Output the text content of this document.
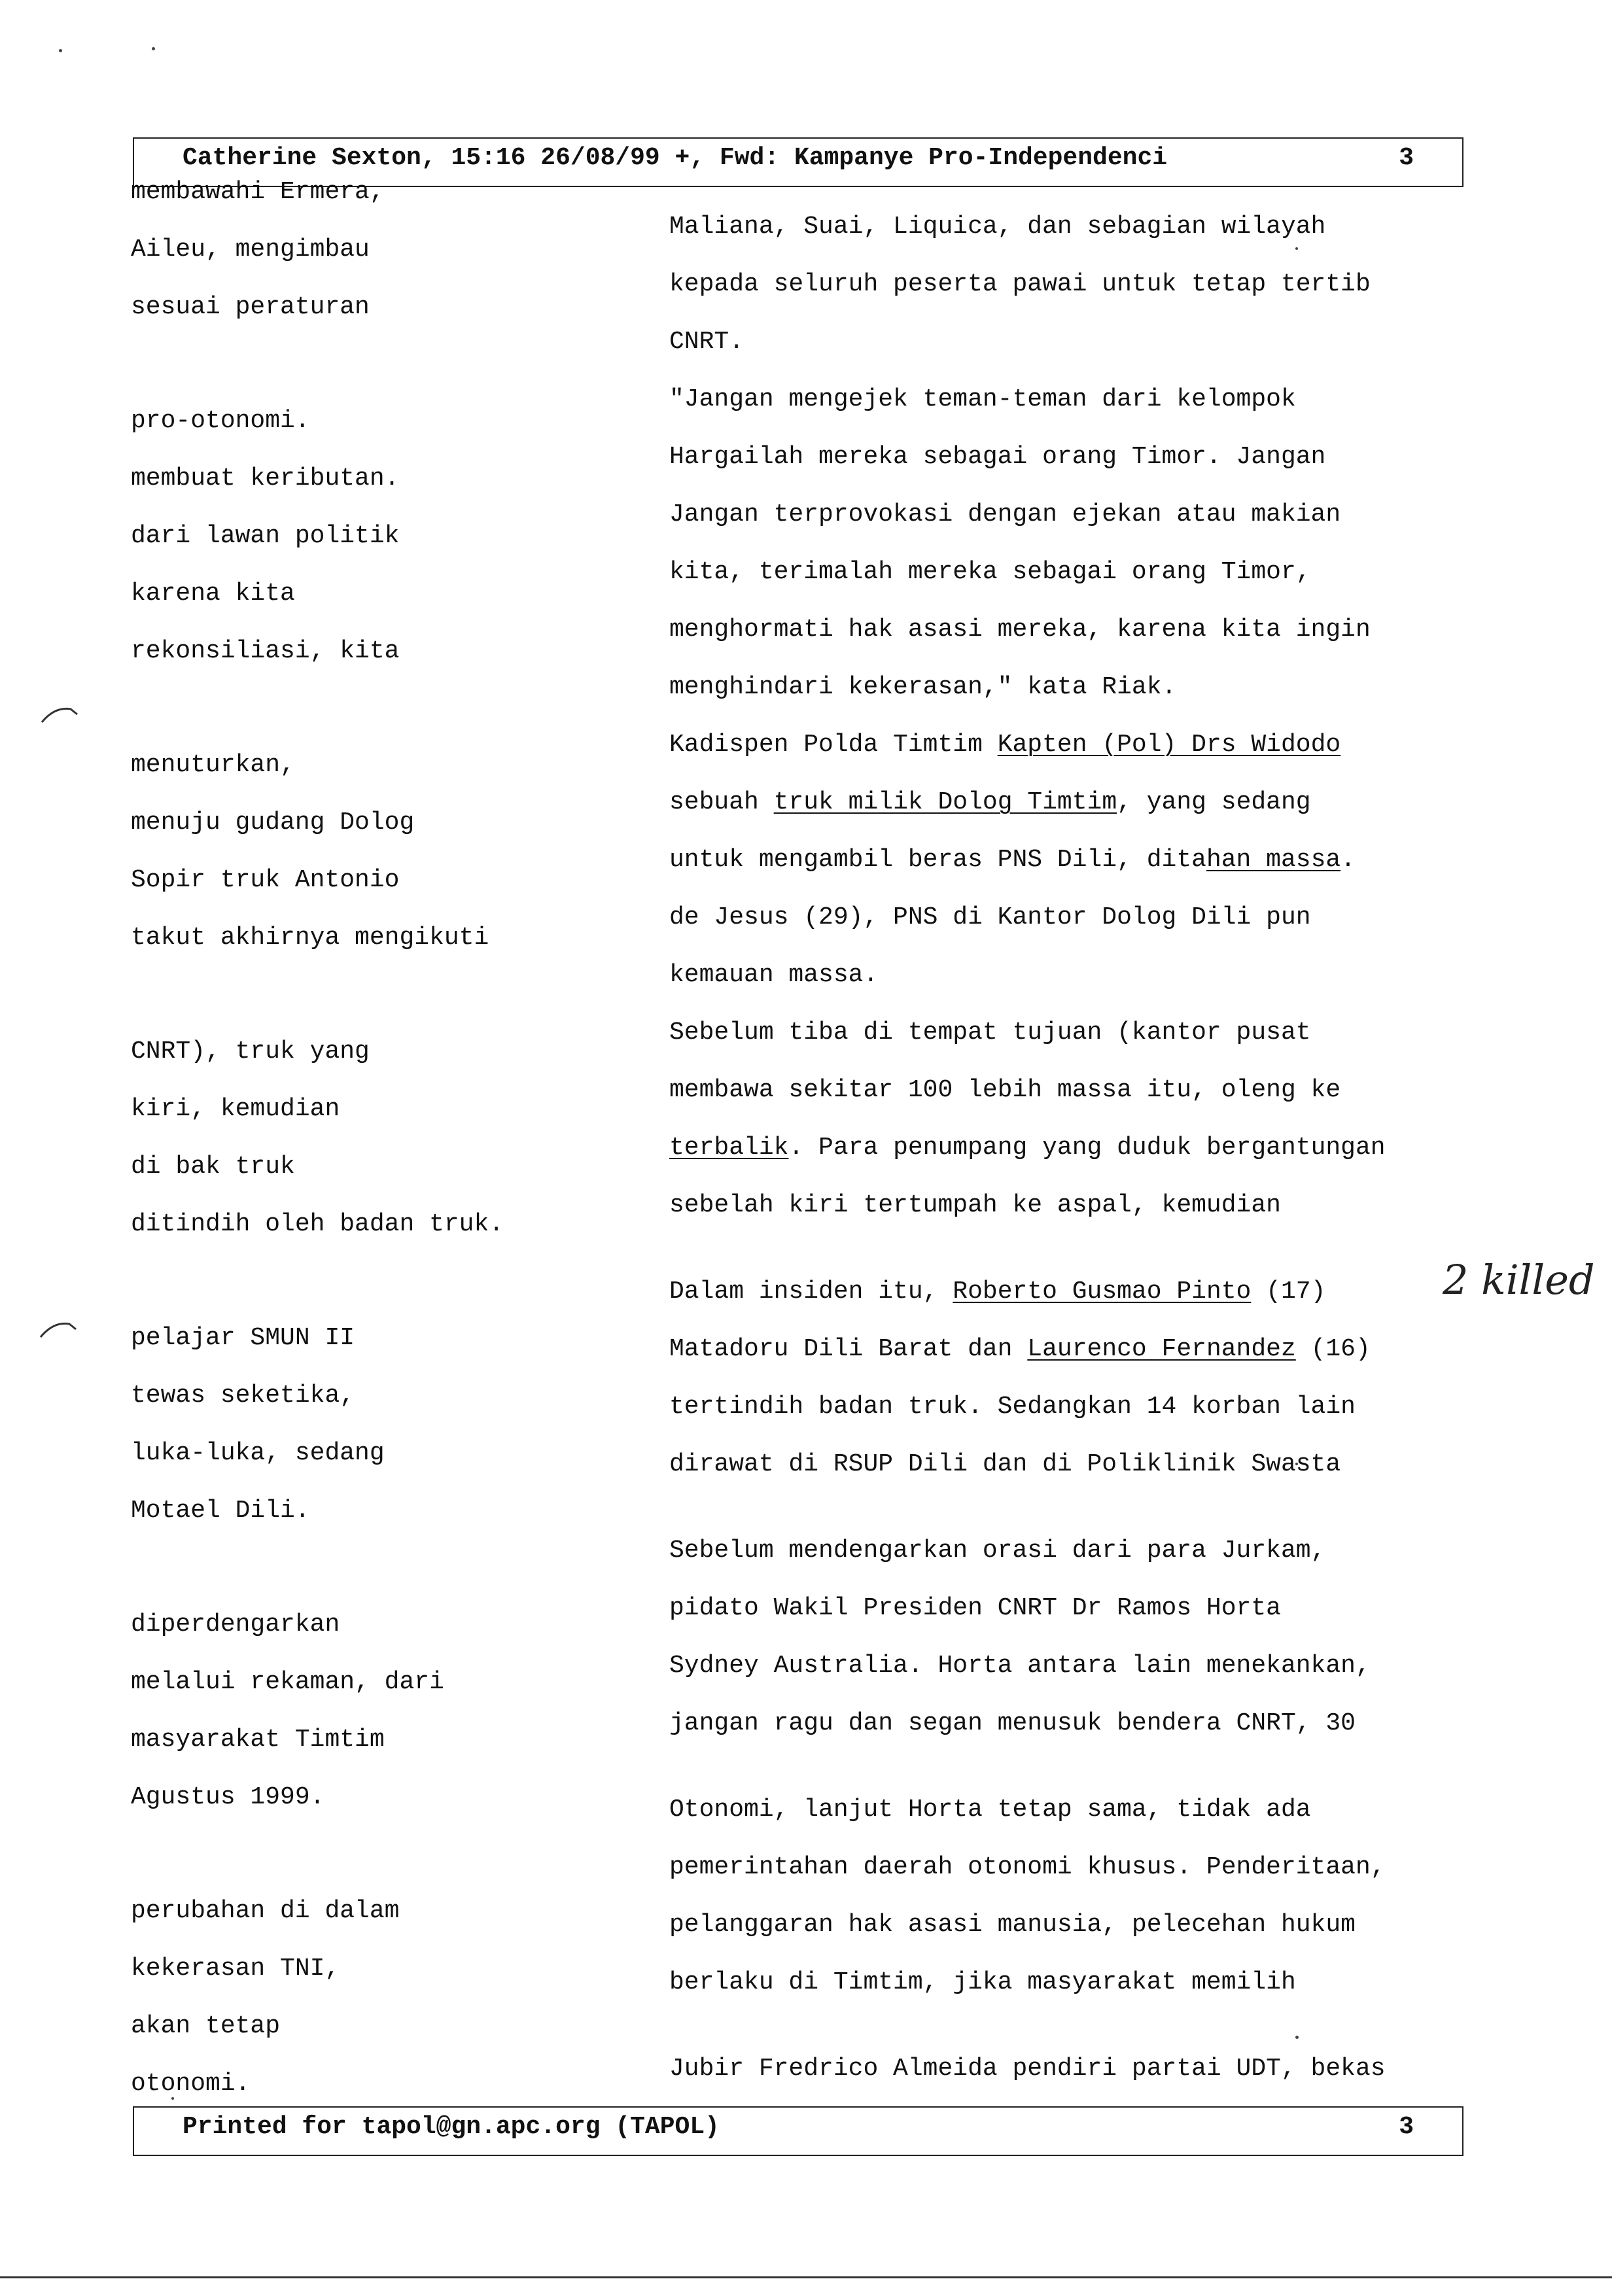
Catherine Sexton, 15:16 26/08/99 +, Fwd: Kampanye Pro-Independenci	3
membawahi Ermera,
Aileu, mengimbau
sesuai peraturan
pro-otonomi.
membuat keributan.
dari lawan politik
karena kita
rekonsiliasi, kita
menuturkan,
menuju gudang Dolog
Sopir truk Antonio
takut akhirnya mengikuti
CNRT), truk yang
kiri, kemudian
di bak truk
ditindih oleh badan truk.
pelajar SMUN II
tewas seketika,
luka-luka, sedang
Motael Dili.
diperdengarkan
melalui rekaman, dari
masyarakat Timtim
Agustus 1999.
perubahan di dalam
kekerasan TNI,
akan tetap
otonomi.
Maliana, Suai, Liquica, dan sebagian wilayah
kepada seluruh peserta pawai untuk tetap tertib
CNRT.
"Jangan mengejek teman-teman dari kelompok
Hargailah mereka sebagai orang Timor. Jangan
Jangan terprovokasi dengan ejekan atau makian
kita, terimalah mereka sebagai orang Timor,
menghormati hak asasi mereka, karena kita ingin
menghindari kekerasan," kata Riak.
Kadispen Polda Timtim Kapten (Pol) Drs Widodo
sebuah truk milik Dolog Timtim, yang sedang
untuk mengambil beras PNS Dili, ditahan massa.
de Jesus (29), PNS di Kantor Dolog Dili pun
kemauan massa.
Sebelum tiba di tempat tujuan (kantor pusat
membawa sekitar 100 lebih massa itu, oleng ke
terbalik. Para penumpang yang duduk bergantungan
sebelah kiri tertumpah ke aspal, kemudian
Dalam insiden itu, Roberto Gusmao Pinto (17)
Matadoru Dili Barat dan Laurenco Fernandez (16)
tertindih badan truk. Sedangkan 14 korban lain
dirawat di RSUP Dili dan di Poliklinik Swasta
Sebelum mendengarkan orasi dari para Jurkam,
pidato Wakil Presiden CNRT Dr Ramos Horta
Sydney Australia. Horta antara lain menekankan,
jangan ragu dan segan menusuk bendera CNRT, 30
Otonomi, lanjut Horta tetap sama, tidak ada
pemerintahan daerah otonomi khusus. Penderitaan,
pelanggaran hak asasi manusia, pelecehan hukum
berlaku di Timtim, jika masyarakat memilih
Jubir Fredrico Almeida pendiri partai UDT, bekas
2 killed
Printed for tapol@gn.apc.org (TAPOL)	3
